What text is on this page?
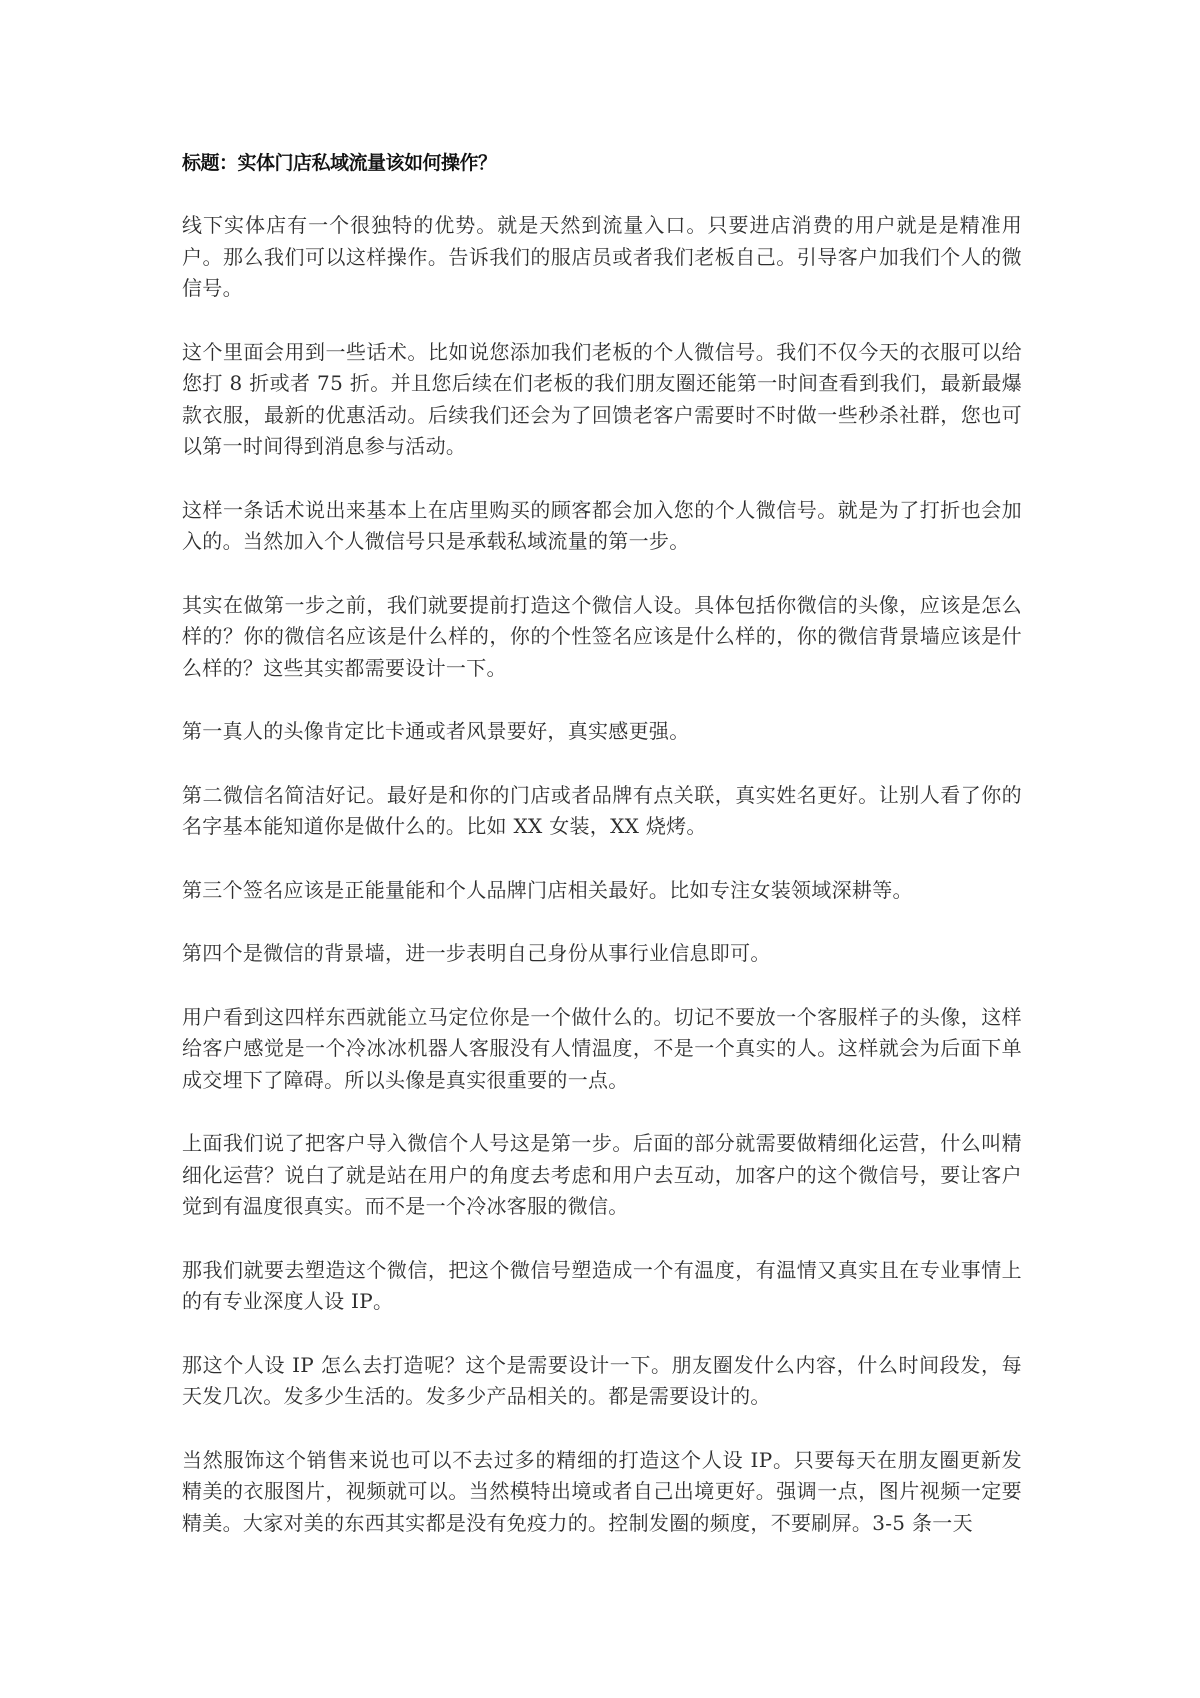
标题：实体门店私域流量该如何操作？

线下实体店有一个很独特的优势。就是天然到流量入口。只要进店消费的用户就是是精准用户。那么我们可以这样操作。告诉我们的服店员或者我们老板自己。引导客户加我们个人的微信号。

这个里面会用到一些话术。比如说您添加我们老板的个人微信号。我们不仅今天的衣服可以给您打 8 折或者 75 折。并且您后续在们老板的我们朋友圈还能第一时间查看到我们，最新最爆款衣服，最新的优惠活动。后续我们还会为了回馈老客户需要时不时做一些秒杀社群，您也可以第一时间得到消息参与活动。

这样一条话术说出来基本上在店里购买的顾客都会加入您的个人微信号。就是为了打折也会加入的。当然加入个人微信号只是承载私域流量的第一步。

其实在做第一步之前，我们就要提前打造这个微信人设。具体包括你微信的头像，应该是怎么样的？你的微信名应该是什么样的，你的个性签名应该是什么样的，你的微信背景墙应该是什么样的？这些其实都需要设计一下。

第一真人的头像肯定比卡通或者风景要好，真实感更强。

第二微信名简洁好记。最好是和你的门店或者品牌有点关联，真实姓名更好。让别人看了你的名字基本能知道你是做什么的。比如 XX 女装，XX 烧烤。

第三个签名应该是正能量能和个人品牌门店相关最好。比如专注女装领域深耕等。

第四个是微信的背景墙，进一步表明自己身份从事行业信息即可。

用户看到这四样东西就能立马定位你是一个做什么的。切记不要放一个客服样子的头像，这样给客户感觉是一个冷冰冰机器人客服没有人情温度，不是一个真实的人。这样就会为后面下单成交埋下了障碍。所以头像是真实很重要的一点。

上面我们说了把客户导入微信个人号这是第一步。后面的部分就需要做精细化运营，什么叫精细化运营？说白了就是站在用户的角度去考虑和用户去互动，加客户的这个微信号，要让客户觉到有温度很真实。而不是一个冷冰客服的微信。

那我们就要去塑造这个微信，把这个微信号塑造成一个有温度，有温情又真实且在专业事情上的有专业深度人设 IP。

那这个人设 IP 怎么去打造呢？这个是需要设计一下。朋友圈发什么内容，什么时间段发，每天发几次。发多少生活的。发多少产品相关的。都是需要设计的。

当然服饰这个销售来说也可以不去过多的精细的打造这个人设 IP。只要每天在朋友圈更新发精美的衣服图片，视频就可以。当然模特出境或者自己出境更好。强调一点，图片视频一定要精美。大家对美的东西其实都是没有免疫力的。控制发圈的频度，不要刷屏。3-5 条一天
